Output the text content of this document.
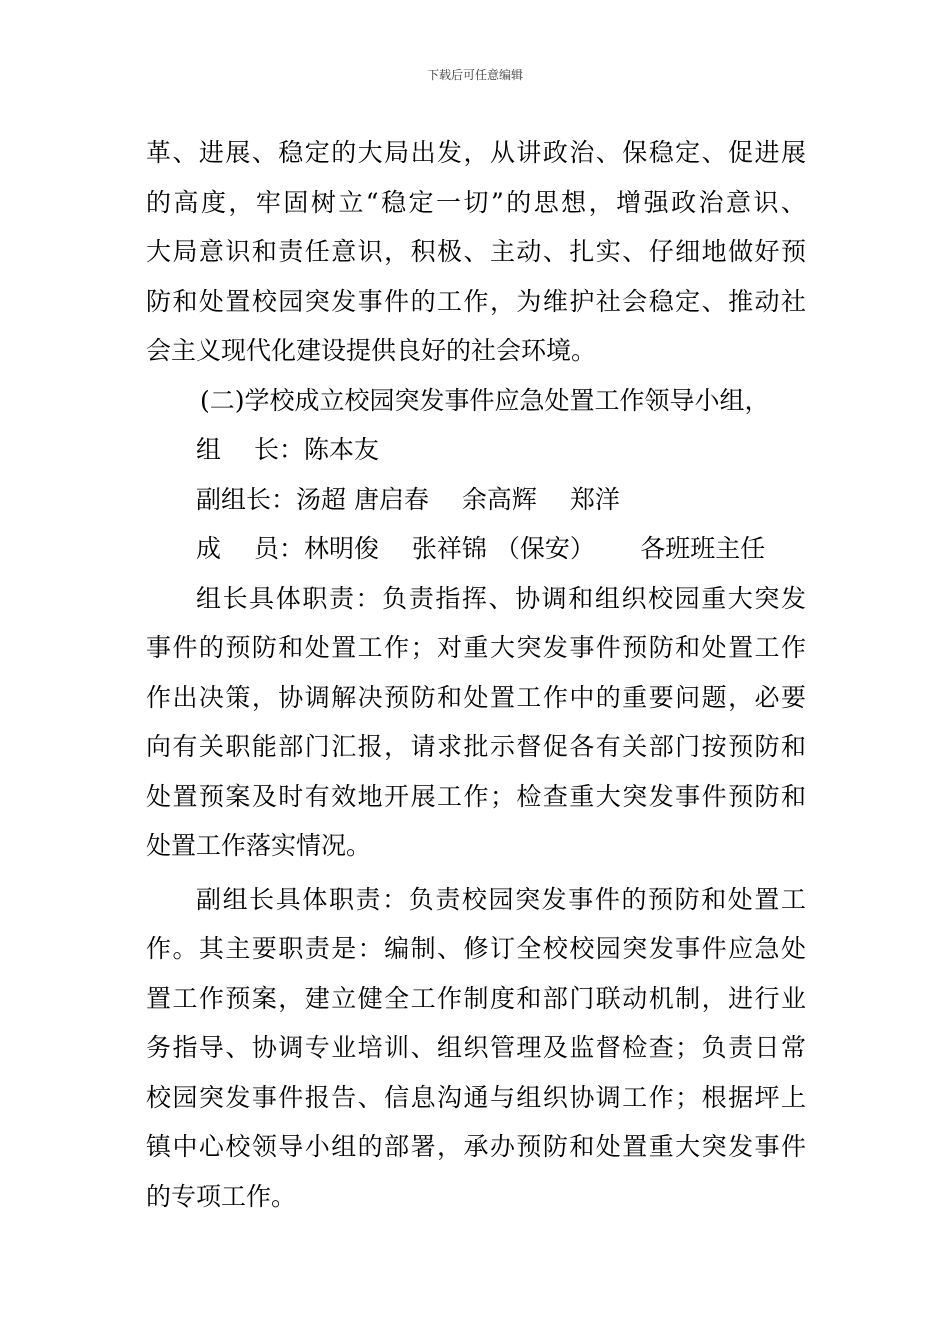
下载后可任意编辑
革、进展、稳定的大局出发，从讲政治、保稳定、促进展
的高度，牢固树立“稳定一切”的思想，增强政治意识、
大局意识和责任意识，积极、主动、扎实、仔细地做好预
防和处置校园突发事件的工作，为维护社会稳定、推动社
会主义现代化建设提供良好的社会环境。
(二)学校成立校园突发事件应急处置工作领导小组，
组　 长：陈本友
副组长：汤超 唐启春　 余高辉　 郑洋
成　 员：林明俊　 张祥锦 （保安）　　 各班班主任
组长具体职责：负责指挥、协调和组织校园重大突发
事件的预防和处置工作；对重大突发事件预防和处置工作
作出决策，协调解决预防和处置工作中的重要问题，必要
向有关职能部门汇报，请求批示督促各有关部门按预防和
处置预案及时有效地开展工作；检查重大突发事件预防和
处置工作落实情况。
副组长具体职责：负责校园突发事件的预防和处置工
作。其主要职责是：编制、修订全校校园突发事件应急处
置工作预案，建立健全工作制度和部门联动机制，进行业
务指导、协调专业培训、组织管理及监督检查；负责日常
校园突发事件报告、信息沟通与组织协调工作；根据坪上
镇中心校领导小组的部署，承办预防和处置重大突发事件
的专项工作。
